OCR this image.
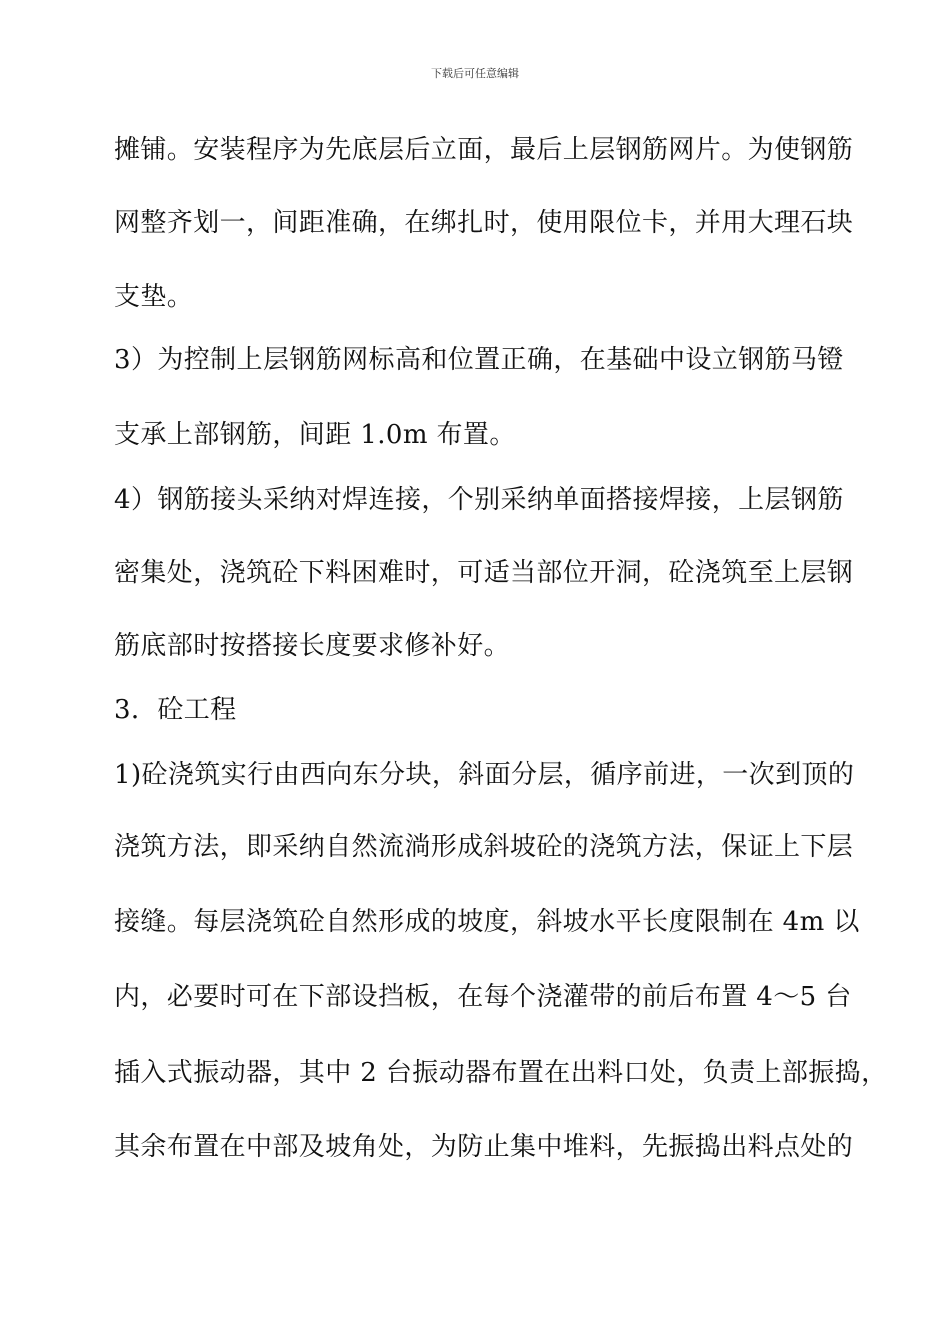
下载后可任意编辑
摊铺。安装程序为先底层后立面，最后上层钢筋网片。为使钢筋
网整齐划一，间距准确，在绑扎时，使用限位卡，并用大理石块
支垫。
3）为控制上层钢筋网标高和位置正确，在基础中设立钢筋马镫
支承上部钢筋，间距 1.0m 布置。
4）钢筋接头采纳对焊连接，个别采纳单面搭接焊接，上层钢筋
密集处，浇筑砼下料困难时，可适当部位开洞，砼浇筑至上层钢
筋底部时按搭接长度要求修补好。
3．砼工程
1)砼浇筑实行由西向东分块，斜面分层，循序前进，一次到顶的
浇筑方法，即采纳自然流淌形成斜坡砼的浇筑方法，保证上下层
接缝。每层浇筑砼自然形成的坡度，斜坡水平长度限制在 4m 以
内，必要时可在下部设挡板，在每个浇灌带的前后布置 4～5 台
插入式振动器，其中 2 台振动器布置在出料口处，负责上部振捣，
其余布置在中部及坡角处，为防止集中堆料，先振捣出料点处的
